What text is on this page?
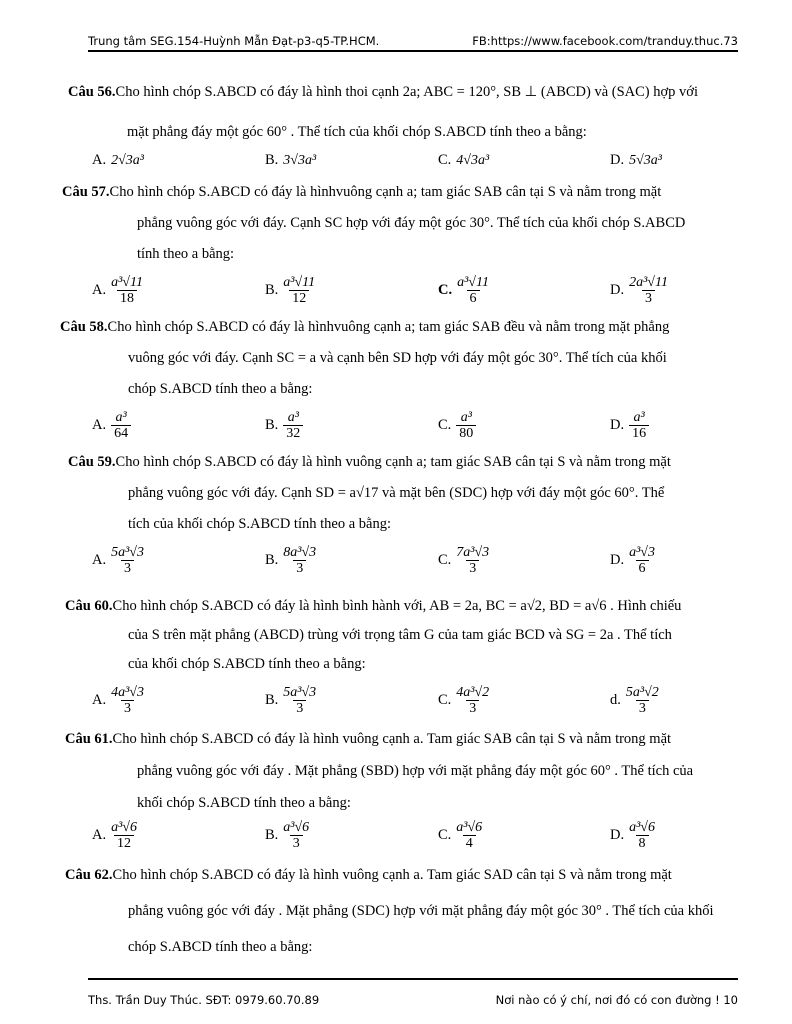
Trung tâm SEG.154-Huỳnh Mẫn Đạt-p3-q5-TP.HCM.	FB:https://www.facebook.com/tranduy.thuc.73
Câu 56.Cho hình chóp S.ABCD có đáy là hình thoi cạnh 2a; ABC = 120°, SB ⊥ (ABCD) và (SAC) hợp với
mặt phẳng đáy một góc 60° . Thể tích của khối chóp S.ABCD tính theo a bằng:
A. 2√3a³	B. 3√3a³	C. 4√3a³	D. 5√3a³
Câu 57.Cho hình chóp S.ABCD có đáy là hìnhvuông cạnh a; tam giác SAB cân tại S và nằm trong mặt
phẳng vuông góc với đáy. Cạnh SC hợp với đáy một góc 30°. Thể tích của khối chóp S.ABCD
tính theo a bằng:
A. $\frac{\text{a³√11}}{18}$	B. $\frac{\text{a³√11}}{12}$	C. $\frac{\text{a³√11}}{6}$	D. $\frac{\text{2a³√11}}{3}$
Câu 58.Cho hình chóp S.ABCD có đáy là hìnhvuông cạnh a; tam giác SAB đều và nằm trong mặt phẳng
vuông góc với đáy. Cạnh SC = a và cạnh bên SD hợp với đáy một góc 30°. Thể tích của khối
chóp S.ABCD tính theo a bằng:
A. $\frac{\text{a³}}{64}$	B. $\frac{\text{a³}}{32}$	C. $\frac{\text{a³}}{80}$	D. $\frac{\text{a³}}{16}$
Câu 59.Cho hình chóp S.ABCD có đáy là hình vuông cạnh a; tam giác SAB cân tại S và nằm trong mặt
phẳng vuông góc với đáy. Cạnh SD = a√17 và mặt bên (SDC) hợp với đáy một góc 60°. Thể
tích của khối chóp S.ABCD tính theo a bằng:
A. $\frac{\text{5a³√3}}{3}$	B. $\frac{\text{8a³√3}}{3}$	C. $\frac{\text{7a³√3}}{3}$	D. $\frac{\text{a³√3}}{6}$
Câu 60.Cho hình chóp S.ABCD có đáy là hình bình hành với, AB = 2a, BC = a√2, BD = a√6 . Hình chiếu
của S trên mặt phẳng (ABCD) trùng với trọng tâm G của tam giác BCD và SG = 2a . Thể tích
của khối chóp S.ABCD tính theo a bằng:
A. $\frac{\text{4a³√3}}{3}$	B. $\frac{\text{5a³√3}}{3}$	C. $\frac{\text{4a³√2}}{3}$	d. $\frac{\text{5a³√2}}{3}$
Câu 61.Cho hình chóp S.ABCD có đáy là hình vuông cạnh a. Tam giác SAB cân tại S và nằm trong mặt
phẳng vuông góc với đáy . Mặt phẳng (SBD) hợp với mặt phẳng đáy một góc 60° . Thể tích của
khối chóp S.ABCD tính theo a bằng:
A. $\frac{\text{a³√6}}{12}$	B. $\frac{\text{a³√6}}{3}$	C. $\frac{\text{a³√6}}{4}$	D. $\frac{\text{a³√6}}{8}$
Câu 62.Cho hình chóp S.ABCD có đáy là hình vuông cạnh a. Tam giác SAD cân tại S và nằm trong mặt
phẳng vuông góc với đáy . Mặt phẳng (SDC) hợp với mặt phẳng đáy một góc 30° . Thể tích của khối
chóp S.ABCD tính theo a bằng:
Ths. Trần Duy Thúc. SĐT: 0979.60.70.89	Nơi nào có ý chí, nơi đó có con đường ! 10
